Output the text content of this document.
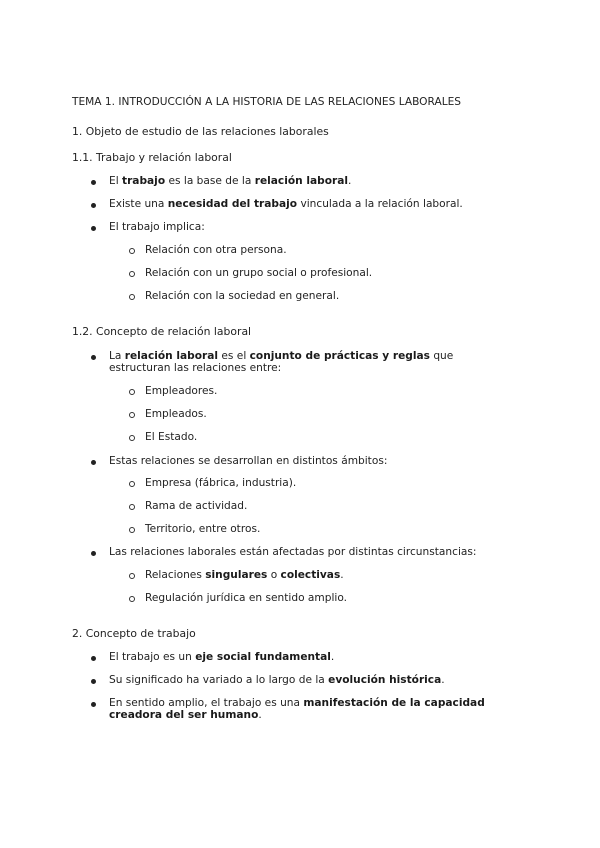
TEMA 1. INTRODUCCIÓN A LA HISTORIA DE LAS RELACIONES LABORALES
1. Objeto de estudio de las relaciones laborales
1.1. Trabajo y relación laboral
El trabajo es la base de la relación laboral.
Existe una necesidad del trabajo vinculada a la relación laboral.
El trabajo implica:
Relación con otra persona.
Relación con un grupo social o profesional.
Relación con la sociedad en general.
1.2. Concepto de relación laboral
La relación laboral es el conjunto de prácticas y reglas que estructuran las relaciones entre:
Empleadores.
Empleados.
El Estado.
Estas relaciones se desarrollan en distintos ámbitos:
Empresa (fábrica, industria).
Rama de actividad.
Territorio, entre otros.
Las relaciones laborales están afectadas por distintas circunstancias:
Relaciones singulares o colectivas.
Regulación jurídica en sentido amplio.
2. Concepto de trabajo
El trabajo es un eje social fundamental.
Su significado ha variado a lo largo de la evolución histórica.
En sentido amplio, el trabajo es una manifestación de la capacidad creadora del ser humano.
